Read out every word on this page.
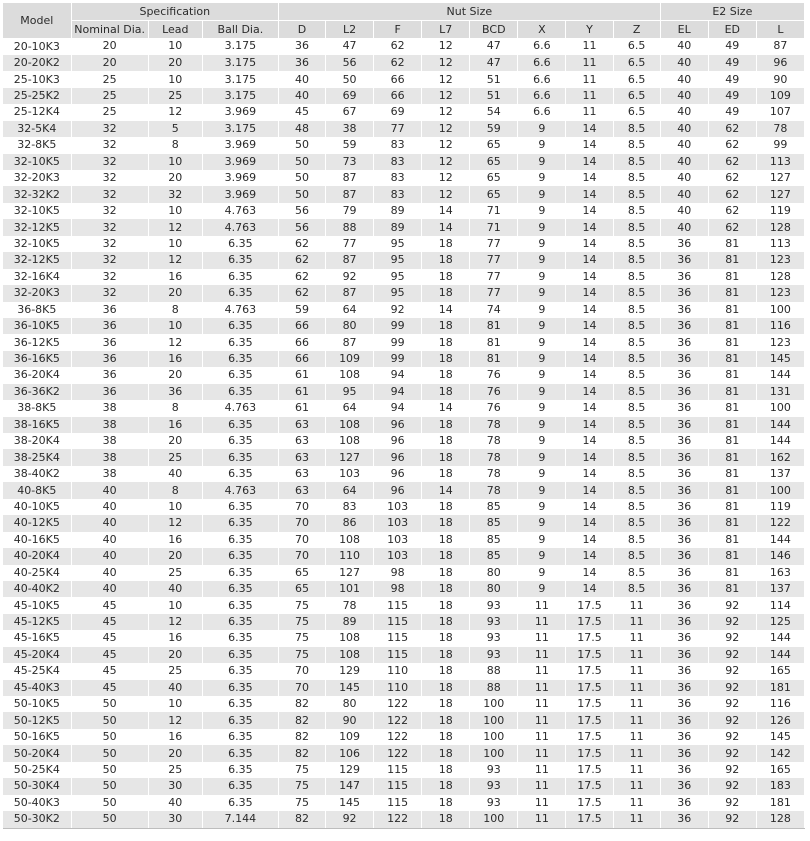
Model	Specification			Nut Size								E2 Size		
	Nominal Dia.	Lead	Ball Dia.	D	L2	F	L7	BCD	X	Y	Z	EL	ED	L
20-10K3	20	10	3.175	36	47	62	12	47	6.6	11	6.5	40	49	87
20-20K2	20	20	3.175	36	56	62	12	47	6.6	11	6.5	40	49	96
25-10K3	25	10	3.175	40	50	66	12	51	6.6	11	6.5	40	49	90
25-25K2	25	25	3.175	40	69	66	12	51	6.6	11	6.5	40	49	109
25-12K4	25	12	3.969	45	67	69	12	54	6.6	11	6.5	40	49	107
32-5K4	32	5	3.175	48	38	77	12	59	9	14	8.5	40	62	78
32-8K5	32	8	3.969	50	59	83	12	65	9	14	8.5	40	62	99
32-10K5	32	10	3.969	50	73	83	12	65	9	14	8.5	40	62	113
32-20K3	32	20	3.969	50	87	83	12	65	9	14	8.5	40	62	127
32-32K2	32	32	3.969	50	87	83	12	65	9	14	8.5	40	62	127
32-10K5	32	10	4.763	56	79	89	14	71	9	14	8.5	40	62	119
32-12K5	32	12	4.763	56	88	89	14	71	9	14	8.5	40	62	128
32-10K5	32	10	6.35	62	77	95	18	77	9	14	8.5	36	81	113
32-12K5	32	12	6.35	62	87	95	18	77	9	14	8.5	36	81	123
32-16K4	32	16	6.35	62	92	95	18	77	9	14	8.5	36	81	128
32-20K3	32	20	6.35	62	87	95	18	77	9	14	8.5	36	81	123
36-8K5	36	8	4.763	59	64	92	14	74	9	14	8.5	36	81	100
36-10K5	36	10	6.35	66	80	99	18	81	9	14	8.5	36	81	116
36-12K5	36	12	6.35	66	87	99	18	81	9	14	8.5	36	81	123
36-16K5	36	16	6.35	66	109	99	18	81	9	14	8.5	36	81	145
36-20K4	36	20	6.35	61	108	94	18	76	9	14	8.5	36	81	144
36-36K2	36	36	6.35	61	95	94	18	76	9	14	8.5	36	81	131
38-8K5	38	8	4.763	61	64	94	14	76	9	14	8.5	36	81	100
38-16K5	38	16	6.35	63	108	96	18	78	9	14	8.5	36	81	144
38-20K4	38	20	6.35	63	108	96	18	78	9	14	8.5	36	81	144
38-25K4	38	25	6.35	63	127	96	18	78	9	14	8.5	36	81	162
38-40K2	38	40	6.35	63	103	96	18	78	9	14	8.5	36	81	137
40-8K5	40	8	4.763	63	64	96	14	78	9	14	8.5	36	81	100
40-10K5	40	10	6.35	70	83	103	18	85	9	14	8.5	36	81	119
40-12K5	40	12	6.35	70	86	103	18	85	9	14	8.5	36	81	122
40-16K5	40	16	6.35	70	108	103	18	85	9	14	8.5	36	81	144
40-20K4	40	20	6.35	70	110	103	18	85	9	14	8.5	36	81	146
40-25K4	40	25	6.35	65	127	98	18	80	9	14	8.5	36	81	163
40-40K2	40	40	6.35	65	101	98	18	80	9	14	8.5	36	81	137
45-10K5	45	10	6.35	75	78	115	18	93	11	17.5	11	36	92	114
45-12K5	45	12	6.35	75	89	115	18	93	11	17.5	11	36	92	125
45-16K5	45	16	6.35	75	108	115	18	93	11	17.5	11	36	92	144
45-20K4	45	20	6.35	75	108	115	18	93	11	17.5	11	36	92	144
45-25K4	45	25	6.35	70	129	110	18	88	11	17.5	11	36	92	165
45-40K3	45	40	6.35	70	145	110	18	88	11	17.5	11	36	92	181
50-10K5	50	10	6.35	82	80	122	18	100	11	17.5	11	36	92	116
50-12K5	50	12	6.35	82	90	122	18	100	11	17.5	11	36	92	126
50-16K5	50	16	6.35	82	109	122	18	100	11	17.5	11	36	92	145
50-20K4	50	20	6.35	82	106	122	18	100	11	17.5	11	36	92	142
50-25K4	50	25	6.35	75	129	115	18	93	11	17.5	11	36	92	165
50-30K4	50	30	6.35	75	147	115	18	93	11	17.5	11	36	92	183
50-40K3	50	40	6.35	75	145	115	18	93	11	17.5	11	36	92	181
50-30K2	50	30	7.144	82	92	122	18	100	11	17.5	11	36	92	128
